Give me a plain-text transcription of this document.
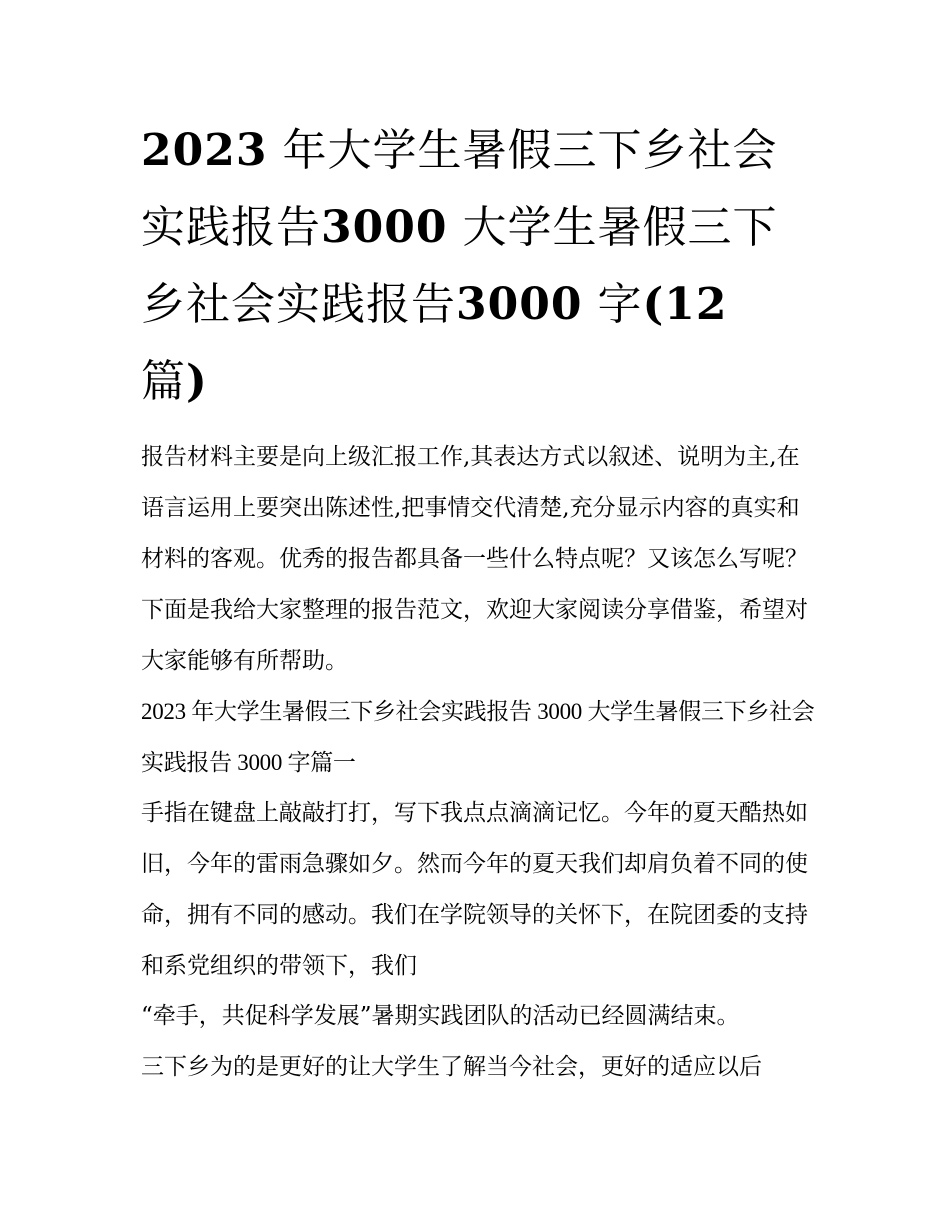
2023 年大学生暑假三下乡社会实践报告3000 大学生暑假三下乡社会实践报告3000 字(12
篇)

报告材料主要是向上级汇报工作,其表达方式以叙述、说明为主,在语言运用上要突出陈述性,把事情交代清楚,充分显示内容的真实和材料的客观。优秀的报告都具备一些什么特点呢？又该怎么写呢？下面是我给大家整理的报告范文，欢迎大家阅读分享借鉴，希望对大家能够有所帮助。

2023 年大学生暑假三下乡社会实践报告 3000 大学生暑假三下乡社会实践报告 3000 字篇一

手指在键盘上敲敲打打，写下我点点滴滴记忆。今年的夏天酷热如旧，今年的雷雨急骤如夕。然而今年的夏天我们却肩负着不同的使命，拥有不同的感动。我们在学院领导的关怀下，在院团委的支持和系党组织的带领下，我们

“牵手，共促科学发展”暑期实践团队的活动已经圆满结束。

三下乡为的是更好的让大学生了解当今社会，更好的适应以后
